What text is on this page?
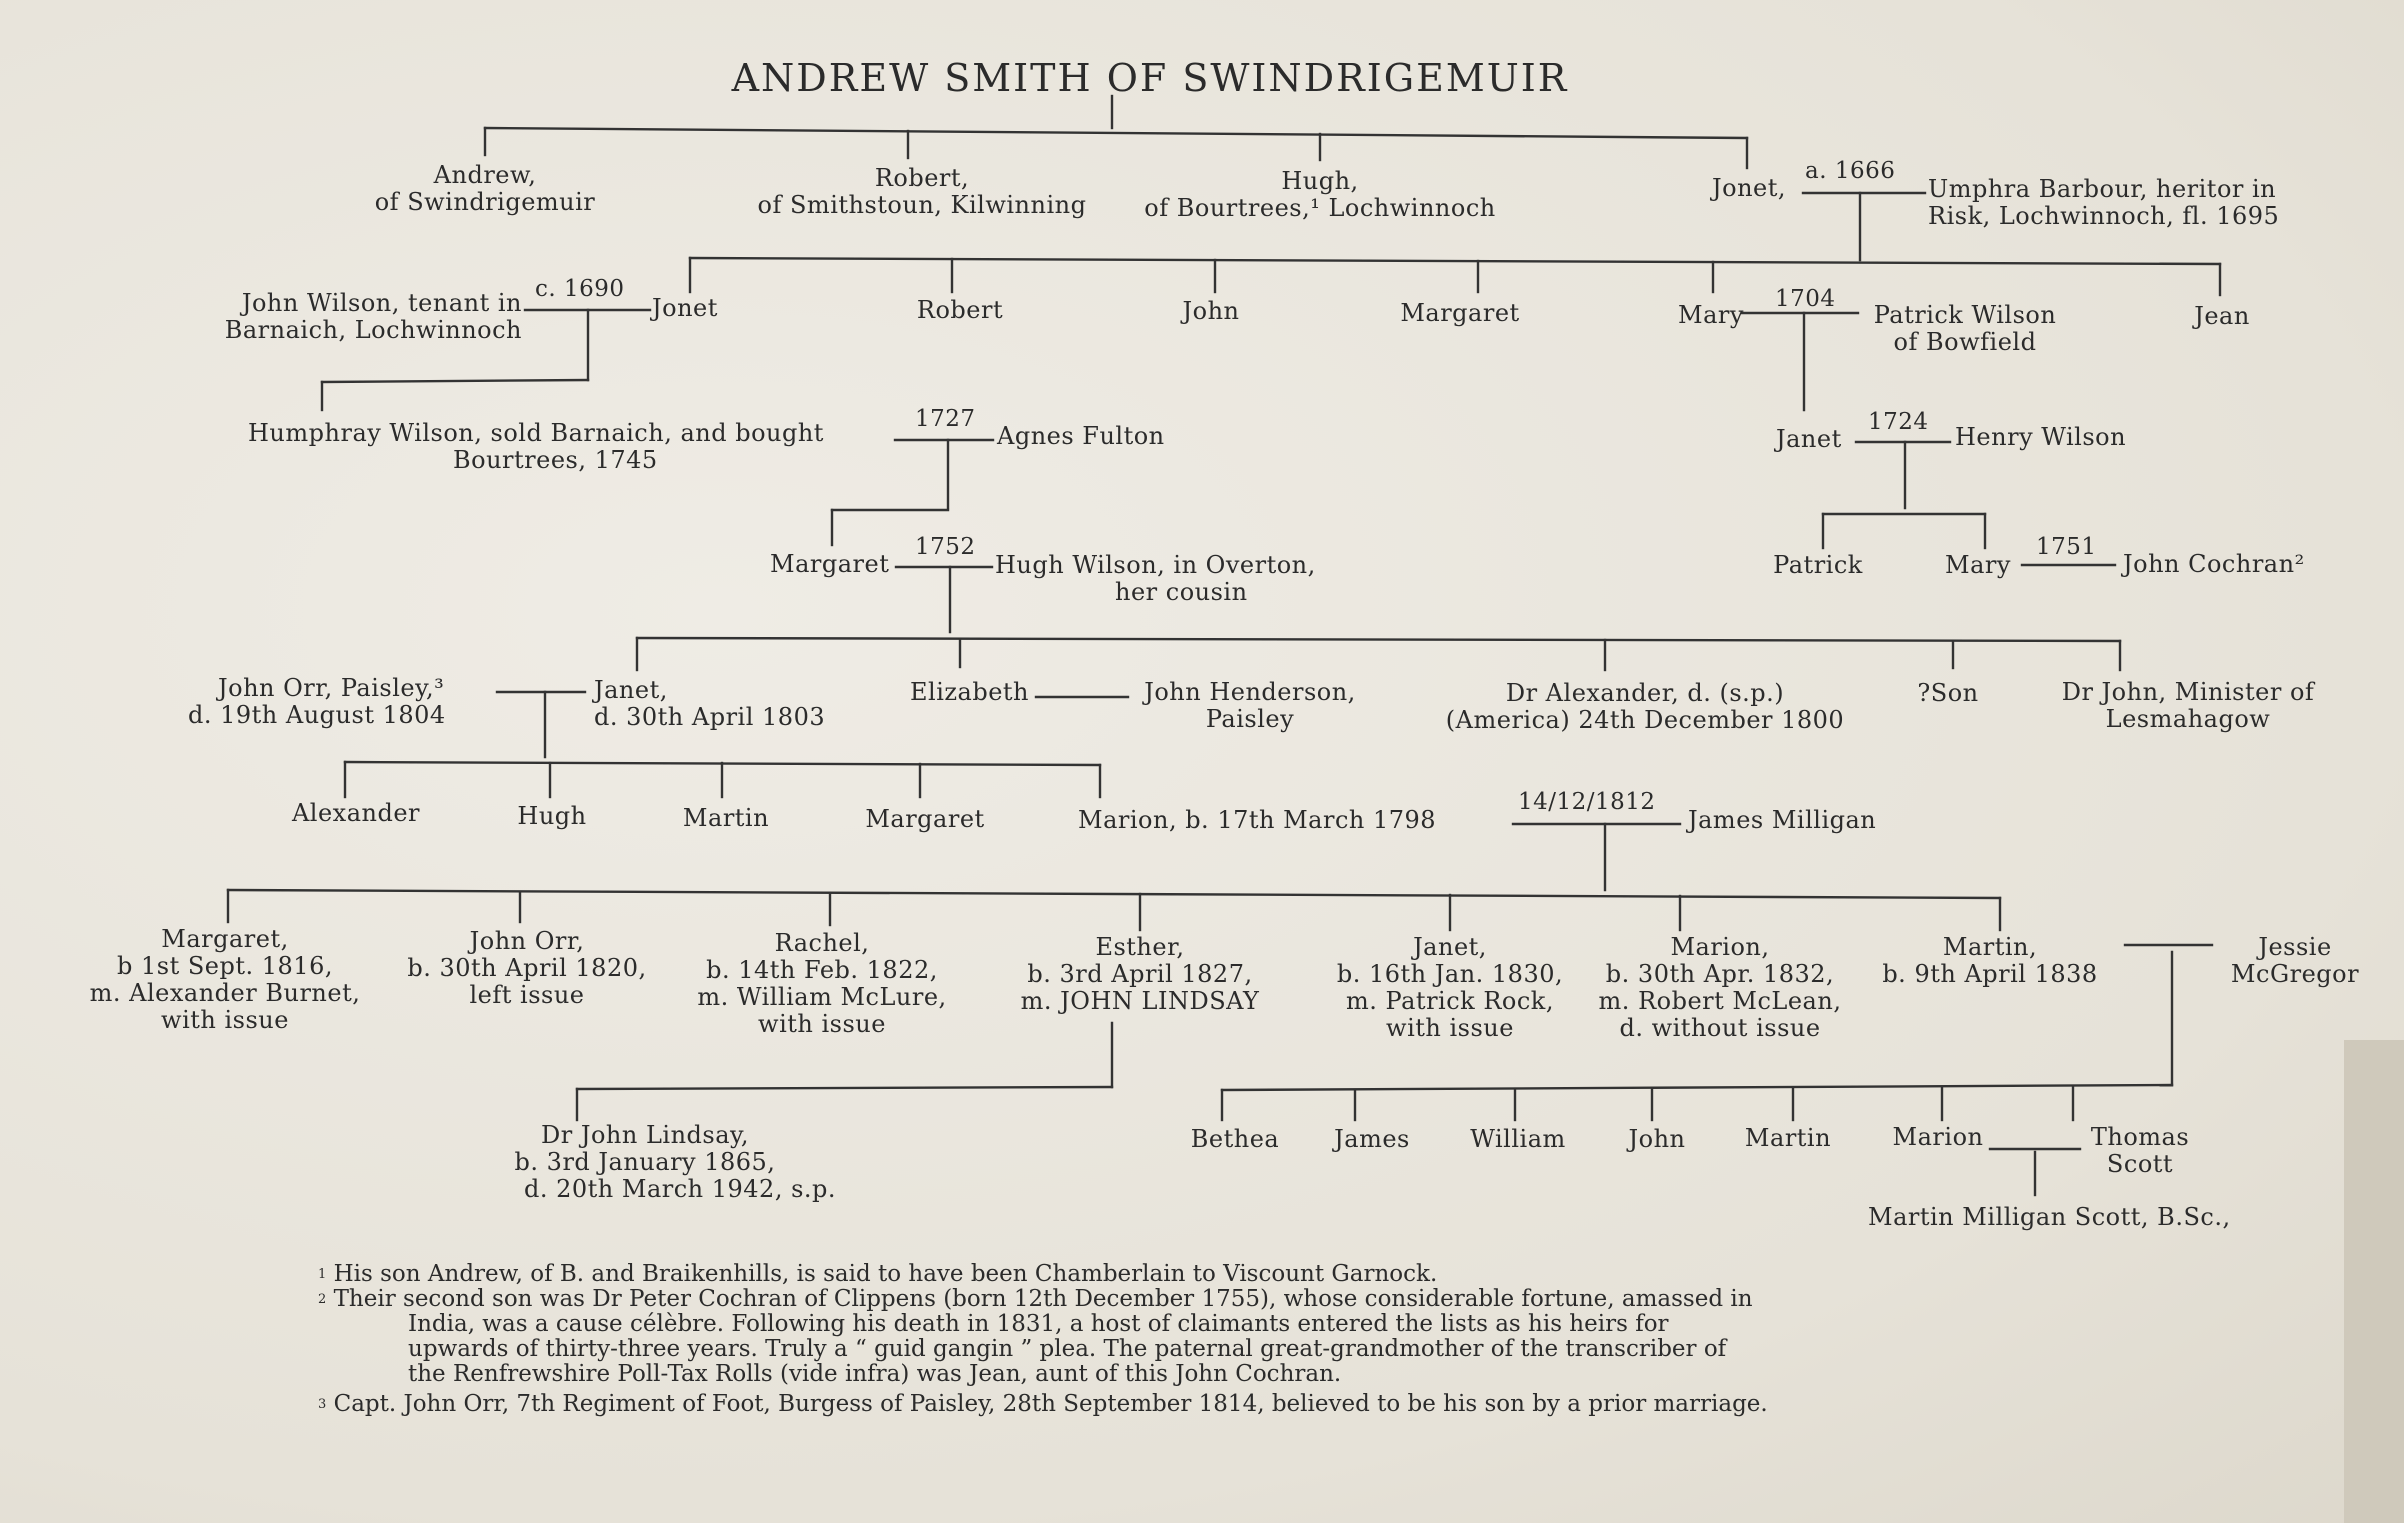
ANDREW SMITH OF SWINDRIGEMUIR
Andrew,
of Swindrigemuir
Robert,
of Smithstoun, Kilwinning
Hugh,
of Bourtrees,¹ Lochwinnoch
Jonet,
a. 1666
Umphra Barbour, heritor in
Risk, Lochwinnoch, fl. 1695
John Wilson, tenant in
Barnaich, Lochwinnoch
c. 1690
Jonet	Robert	John	Margaret	Mary
1704
Patrick Wilson
of Bowfield
Jean
Humphray Wilson, sold Barnaich, and bought
Bourtrees, 1745
1727
Agnes Fulton	Janet
1724
Henry Wilson
Margaret
1752
Hugh Wilson, in Overton,
her cousin
Patrick	Mary
1751
John Cochran²
John Orr, Paisley,³
d. 19th August 1804
Janet,
d. 30th April 1803
Elizabeth	John Henderson,
Paisley
Dr Alexander, d. (s.p.)
(America) 24th December 1800
?Son	Dr John, Minister of
Lesmahagow
Alexander	Hugh	Martin	Margaret	Marion, b. 17th March 1798
14/12/1812
James Milligan
Margaret,
b 1st Sept. 1816,
m. Alexander Burnet,
with issue
John Orr,
b. 30th April 1820,
left issue
Rachel,
b. 14th Feb. 1822,
m. William McLure,
with issue
Esther,
b. 3rd April 1827,
m. JOHN LINDSAY
Janet,
b. 16th Jan. 1830,
m. Patrick Rock,
with issue
Marion,
b. 30th Apr. 1832,
m. Robert McLean,
d. without issue
Martin,
b. 9th April 1838
Jessie
McGregor
Dr John Lindsay,
b. 3rd January 1865,
d. 20th March 1942, s.p.
Bethea James	William	John Martin	Marion	Thomas
Scott
Martin Milligan Scott, B.Sc.,
$^1$ His son Andrew, of B. and Braikenhills, is said to have been Chamberlain to Viscount Garnock.
$^2$ Their second son was Dr Peter Cochran of Clippens (born 12th December 1755), whose considerable fortune, amassed in
India, was a cause célèbre. Following his death in 1831, a host of claimants entered the lists as his heirs for
upwards of thirty-three years. Truly a “ guid gangin ” plea. The paternal great-grandmother of the transcriber of
the Renfrewshire Poll-Tax Rolls (vide infra) was Jean, aunt of this John Cochran.
$^3$ Capt. John Orr, 7th Regiment of Foot, Burgess of Paisley, 28th September 1814, believed to be his son by a prior marriage.
